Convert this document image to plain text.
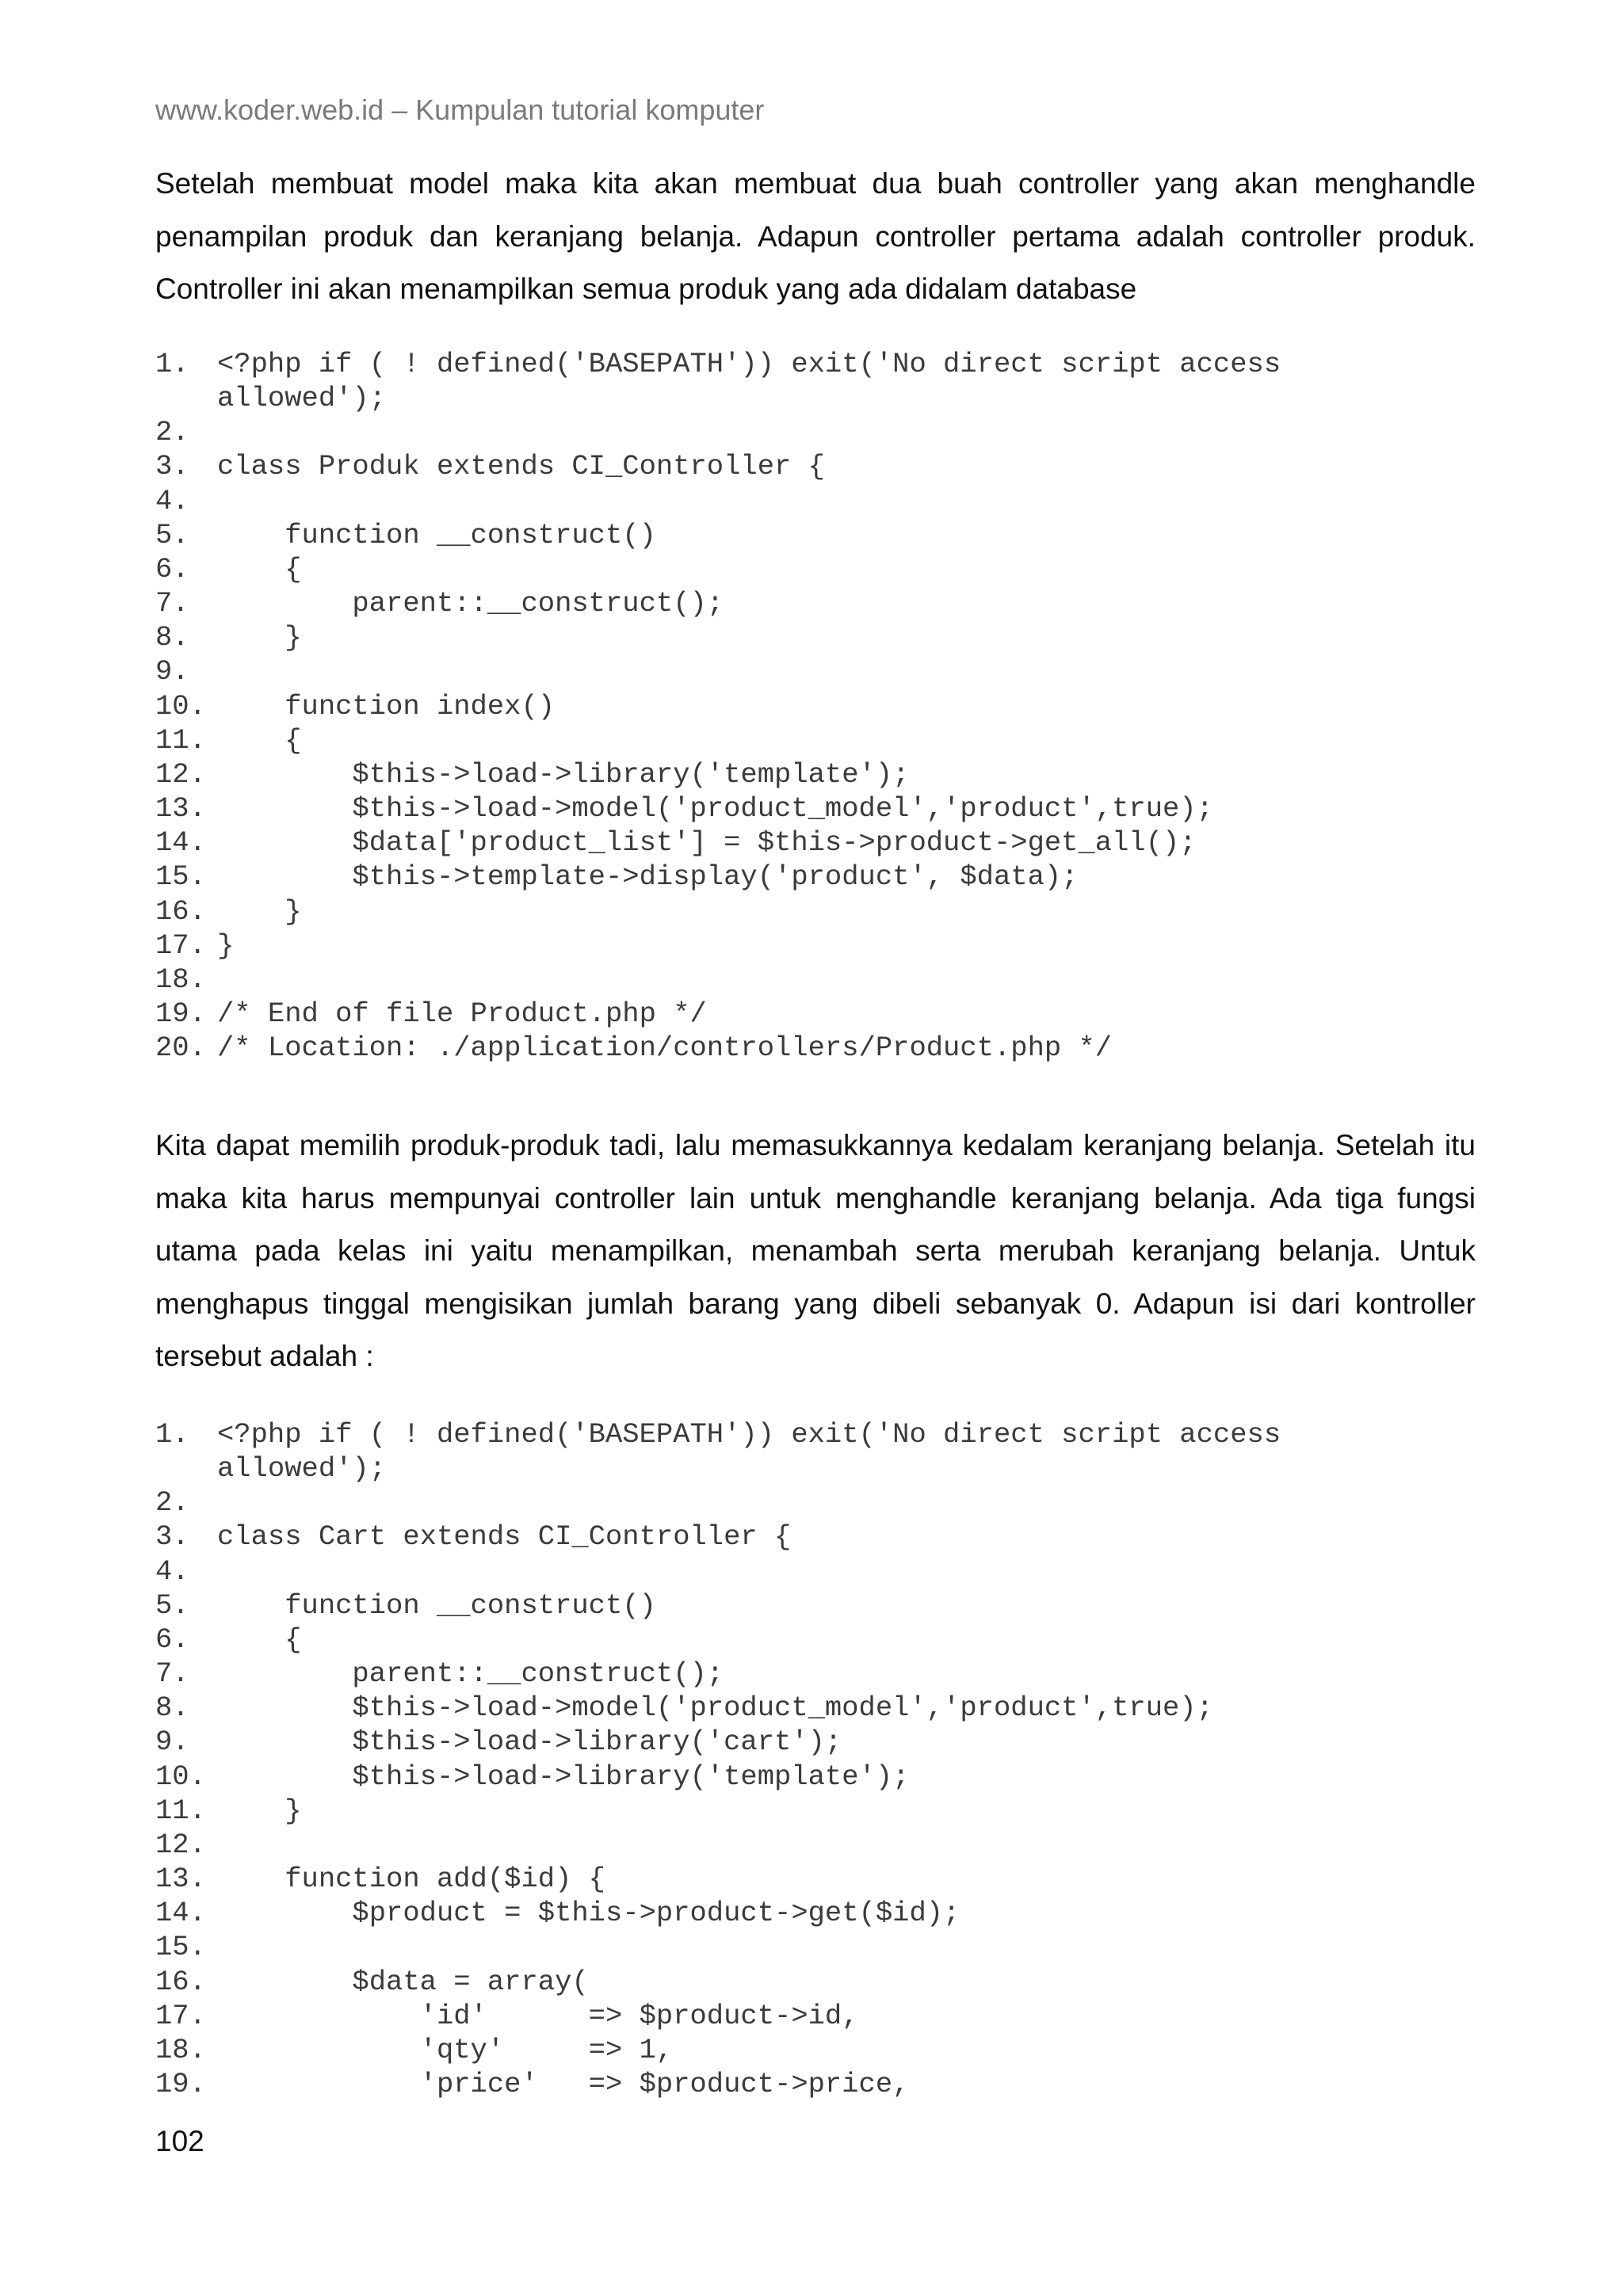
www.koder.web.id – Kumpulan tutorial komputer

Setelah membuat model maka kita akan membuat dua buah controller yang akan menghandle penampilan produk dan keranjang belanja. Adapun controller pertama adalah controller produk. Controller ini akan menampilkan semua produk yang ada didalam database

1. <?php if ( ! defined('BASEPATH')) exit('No direct script access
allowed');
2.
3. class Produk extends CI_Controller {
4.
5. function __construct()
6. {
7. parent::__construct();
8. }
9.
10. function index()
11. {
12. $this->load->library('template');
13. $this->load->model('product_model','product',true);
14. $data['product_list'] = $this->product->get_all();
15. $this->template->display('product', $data);
16. }
17. }
18.
19. /* End of file Product.php */
20. /* Location: ./application/controllers/Product.php */

Kita dapat memilih produk-produk tadi, lalu memasukkannya kedalam keranjang belanja. Setelah itu maka kita harus mempunyai controller lain untuk menghandle keranjang belanja. Ada tiga fungsi utama pada kelas ini yaitu menampilkan, menambah serta merubah keranjang belanja. Untuk menghapus tinggal mengisikan jumlah barang yang dibeli sebanyak 0. Adapun isi dari kontroller tersebut adalah :

1. <?php if ( ! defined('BASEPATH')) exit('No direct script access
allowed');
2.
3. class Cart extends CI_Controller {
4.
5. function __construct()
6. {
7. parent::__construct();
8. $this->load->model('product_model','product',true);
9. $this->load->library('cart');
10. $this->load->library('template');
11. }
12.
13. function add($id) {
14. $product = $this->product->get($id);
15.
16. $data = array(
17. 'id'      => $product->id,
18. 'qty'     => 1,
19. 'price'   => $product->price,
102
